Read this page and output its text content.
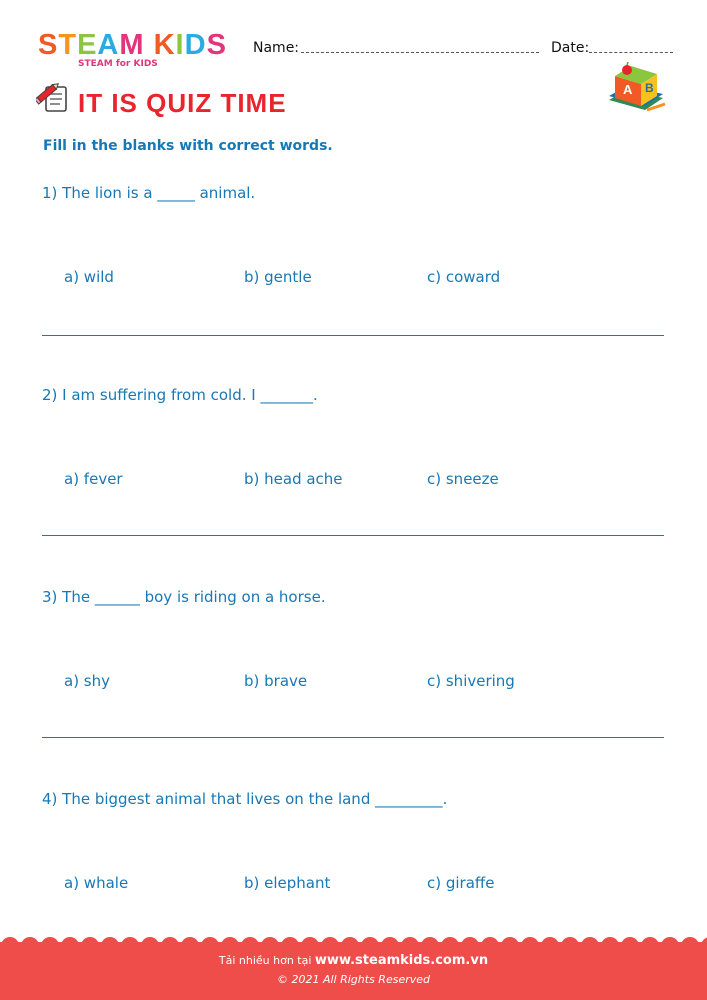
STEAM KIDS
STEAM for KIDS
Name:	Date:
IT IS QUIZ TIME	A B
Fill in the blanks with correct words.
1) The lion is a _____ animal.
a) wild	b) gentle	c) coward
2) I am suffering from cold. I _______.
a) fever	b) head ache	c) sneeze
3) The ______ boy is riding on a horse.
a) shy	b) brave	c) shivering
4) The biggest animal that lives on the land _________.
a) whale	b) elephant	c) giraffe
Tải nhiều hơn tại www.steamkids.com.vn
© 2021 All Rights Reserved
